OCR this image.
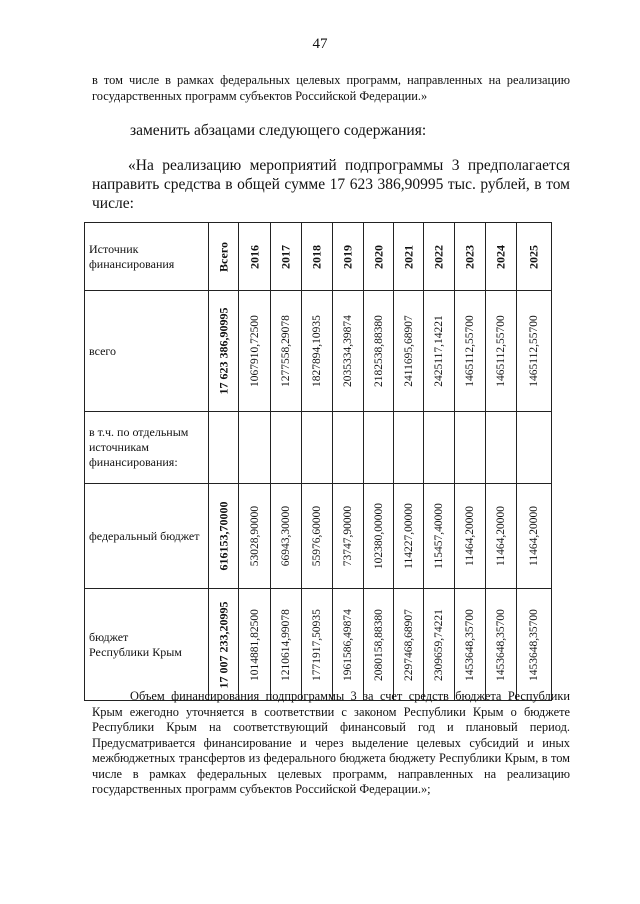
47
в том числе в рамках федеральных целевых программ, направленных на реализацию государственных программ субъектов Российской Федерации.»
заменить абзацами следующего содержания:
«На реализацию мероприятий подпрограммы 3 предполагается направить средства в общей сумме 17 623 386,90995 тыс. рублей, в том числе:
Источник финансирования	Всего	2016	2017	2018	2019	2020	2021	2022	2023	2024	2025

всего	17 623 386,90995	1067910,72500	1277558,29078	1827894,10935	2035334,39874	2182538,88380	2411695,68907	2425117,14221	1465112,55700	1465112,55700	1465112,55700

в т.ч. по отдельным источникам финансирования:											
федеральный бюджет	616153,70000	53028,90000	66943,30000	55976,60000	73747,90000	102380,00000	114227,00000	115457,40000	11464,20000	11464,20000	11464,20000

бюджет
Республики Крым	17 007 233,20995	1014881,82500	1210614,99078	1771917,50935	1961586,49874	2080158,88380	2297468,68907	2309659,74221	1453648,35700	1453648,35700	1453648,35700
Объем финансирования подпрограммы 3 за счет средств бюджета Республики Крым ежегодно уточняется в соответствии с законом Республики Крым о бюджете Республики Крым на соответствующий финансовый год и плановый период. Предусматривается финансирование и через выделение целевых субсидий и иных межбюджетных трансфертов из федерального бюджета бюджету Республики Крым, в том числе в рамках федеральных целевых программ, направленных на реализацию государственных программ субъектов Российской Федерации.»;
